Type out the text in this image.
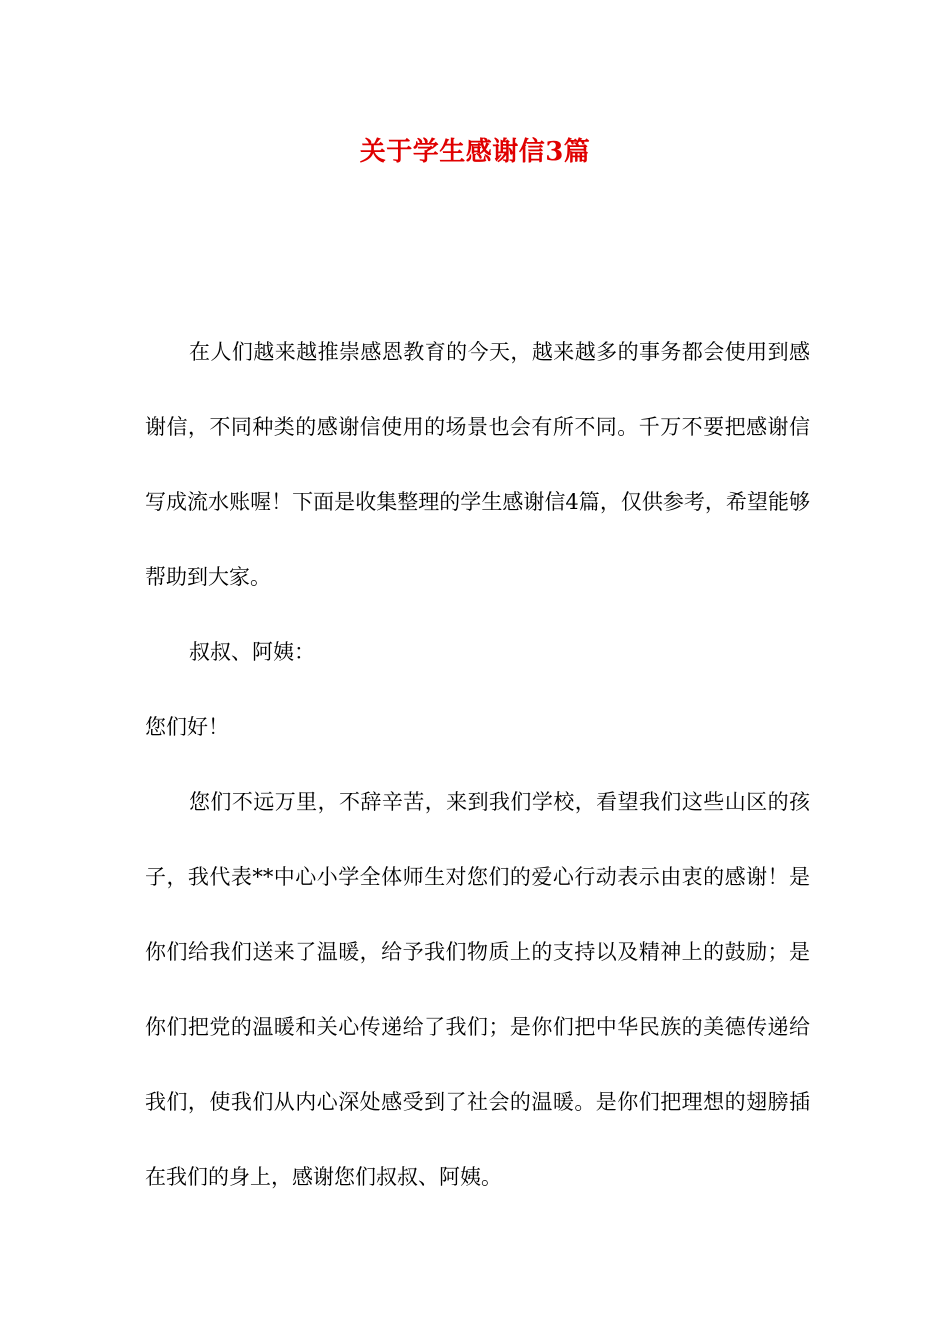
关于学生感谢信3篇

在人们越来越推崇感恩教育的今天，越来越多的事务都会使用到感谢信，不同种类的感谢信使用的场景也会有所不同。千万不要把感谢信写成流水账喔！下面是收集整理的学生感谢信4篇，仅供参考，希望能够帮助到大家。

叔叔、阿姨：

您们好！

您们不远万里，不辞辛苦，来到我们学校，看望我们这些山区的孩子，我代表**中心小学全体师生对您们的爱心行动表示由衷的感谢！是你们给我们送来了温暖，给予我们物质上的支持以及精神上的鼓励；是你们把党的温暖和关心传递给了我们；是你们把中华民族的美德传递给我们，使我们从内心深处感受到了社会的温暖。是你们把理想的翅膀插在我们的身上，感谢您们叔叔、阿姨。
